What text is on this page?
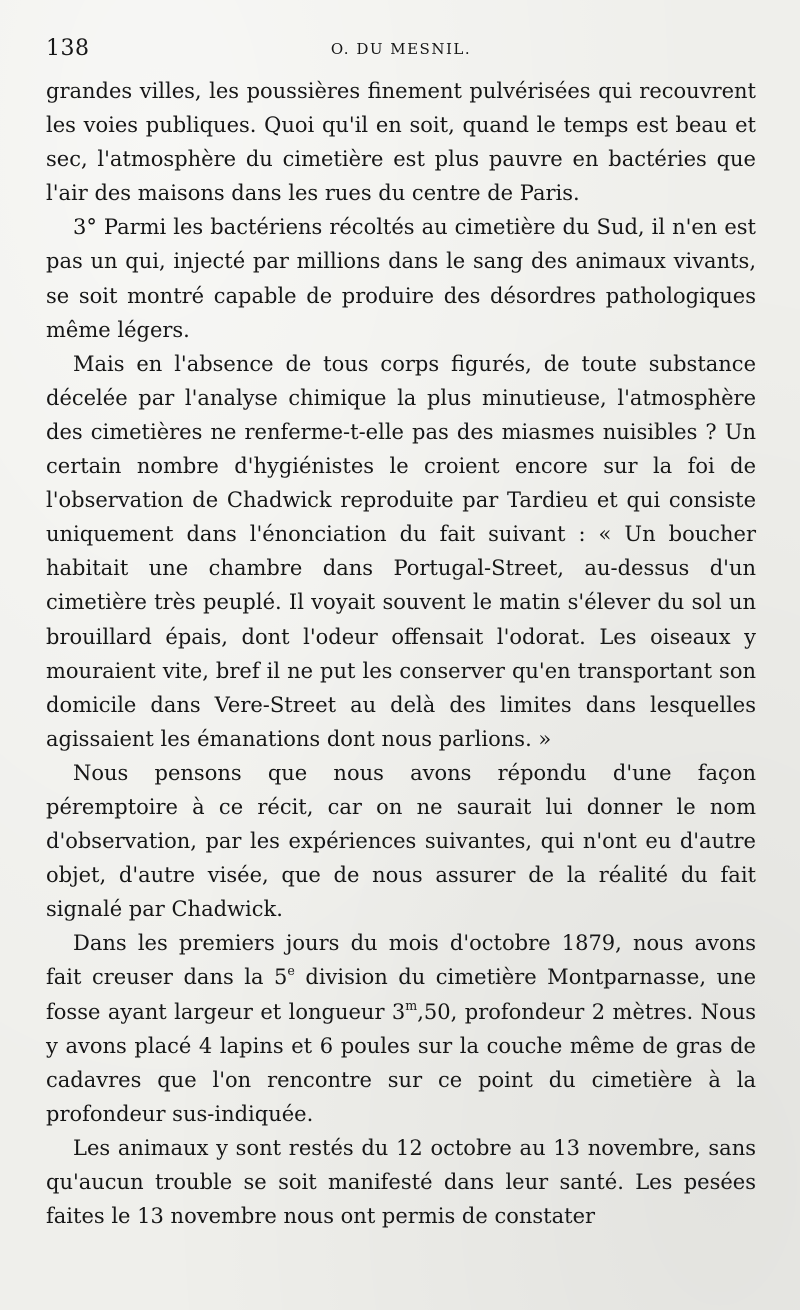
138	O. DU MESNIL.

grandes villes, les poussières finement pulvérisées qui recouvrent les voies publiques. Quoi qu'il en soit, quand le temps est beau et sec, l'atmosphère du cimetière est plus pauvre en bactéries que l'air des maisons dans les rues du centre de Paris.

3° Parmi les bactériens récoltés au cimetière du Sud, il n'en est pas un qui, injecté par millions dans le sang des animaux vivants, se soit montré capable de produire des désordres pathologiques même légers.

Mais en l'absence de tous corps figurés, de toute substance décelée par l'analyse chimique la plus minutieuse, l'atmosphère des cimetières ne renferme-t-elle pas des miasmes nuisibles ? Un certain nombre d'hygiénistes le croient encore sur la foi de l'observation de Chadwick reproduite par Tardieu et qui consiste uniquement dans l'énonciation du fait suivant : « Un boucher habitait une chambre dans Portugal-Street, au-dessus d'un cimetière très peuplé. Il voyait souvent le matin s'élever du sol un brouillard épais, dont l'odeur offensait l'odorat. Les oiseaux y mouraient vite, bref il ne put les conserver qu'en transportant son domicile dans Vere-Street au delà des limites dans lesquelles agissaient les émanations dont nous parlions. »

Nous pensons que nous avons répondu d'une façon péremptoire à ce récit, car on ne saurait lui donner le nom d'observation, par les expériences suivantes, qui n'ont eu d'autre objet, d'autre visée, que de nous assurer de la réalité du fait signalé par Chadwick.

Dans les premiers jours du mois d'octobre 1879, nous avons fait creuser dans la 5e division du cimetière Montparnasse, une fosse ayant largeur et longueur 3$^m$,50, profondeur 2 mètres. Nous y avons placé 4 lapins et 6 poules sur la couche même de gras de cadavres que l'on rencontre sur ce point du cimetière à la profondeur sus-indiquée.

Les animaux y sont restés du 12 octobre au 13 novembre, sans qu'aucun trouble se soit manifesté dans leur santé. Les pesées faites le 13 novembre nous ont permis de constater
